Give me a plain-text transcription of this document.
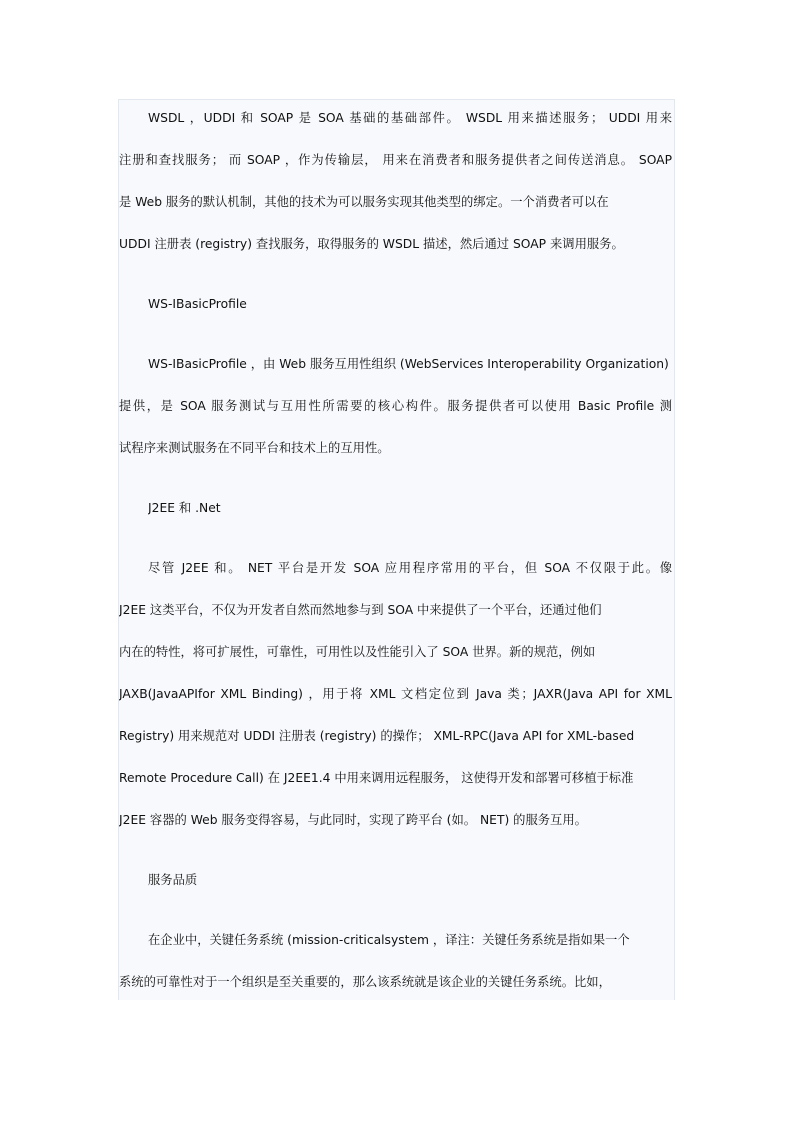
WSDL ，UDDI 和 SOAP 是 SOA 基础的基础部件。 WSDL 用来描述服务； UDDI 用来
注册和查找服务； 而 SOAP ，作为传输层， 用来在消费者和服务提供者之间传送消息。 SOAP
是 Web 服务的默认机制，其他的技术为可以服务实现其他类型的绑定。一个消费者可以在
UDDI 注册表 (registry) 查找服务，取得服务的 WSDL 描述，然后通过 SOAP 来调用服务。
WS-IBasicProfile
WS-IBasicProfile ，由 Web 服务互用性组织 (WebServices Interoperability Organization)
提供，是 SOA 服务测试与互用性所需要的核心构件。服务提供者可以使用 Basic Profile 测
试程序来测试服务在不同平台和技术上的互用性。
J2EE 和 .Net
尽管 J2EE 和。 NET 平台是开发 SOA 应用程序常用的平台，但 SOA 不仅限于此。像
J2EE 这类平台，不仅为开发者自然而然地参与到 SOA 中来提供了一个平台，还通过他们
内在的特性，将可扩展性，可靠性，可用性以及性能引入了 SOA 世界。新的规范，例如
JAXB(JavaAPIfor XML Binding) ，用于将 XML 文档定位到 Java 类；JAXR(Java API for XML
Registry) 用来规范对 UDDI 注册表 (registry) 的操作； XML-RPC(Java API for XML-based
Remote Procedure Call) 在 J2EE1.4 中用来调用远程服务， 这使得开发和部署可移植于标准
J2EE 容器的 Web 服务变得容易，与此同时，实现了跨平台 (如。 NET) 的服务互用。
服务品质
在企业中，关键任务系统 (mission-criticalsystem ，译注：关键任务系统是指如果一个
系统的可靠性对于一个组织是至关重要的，那么该系统就是该企业的关键任务系统。比如，
